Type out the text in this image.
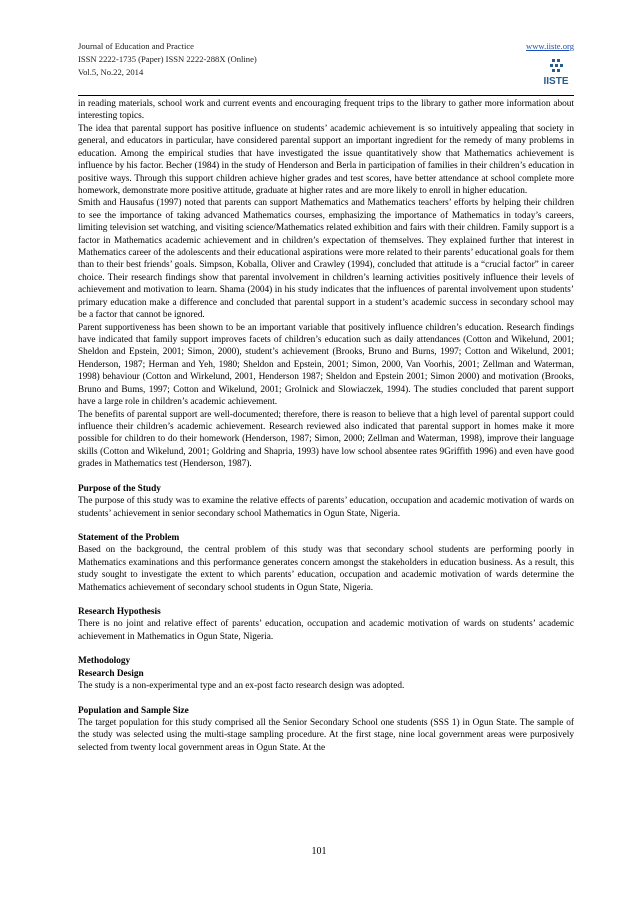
Journal of Education and Practice
ISSN 2222-1735 (Paper) ISSN 2222-288X (Online)
Vol.5, No.22, 2014
www.iiste.org
IISTE

in reading materials, school work and current events and encouraging frequent trips to the library to gather more information about interesting topics.

The idea that parental support has positive influence on students’ academic achievement is so intuitively appealing that society in general, and educators in particular, have considered parental support an important ingredient for the remedy of many problems in education. Among the empirical studies that have investigated the issue quantitatively show that Mathematics achievement is influence by his factor. Becher (1984) in the study of Henderson and Berla in participation of families in their children’s education in positive ways. Through this support children achieve higher grades and test scores, have better attendance at school complete more homework, demonstrate more positive attitude, graduate at higher rates and are more likely to enroll in higher education.

Smith and Hausafus (1997) noted that parents can support Mathematics and Mathematics teachers’ efforts by helping their children to see the importance of taking advanced Mathematics courses, emphasizing the importance of Mathematics in today’s careers, limiting television set watching, and visiting science/Mathematics related exhibition and fairs with their children. Family support is a factor in Mathematics academic achievement and in children’s expectation of themselves. They explained further that interest in Mathematics career of the adolescents and their educational aspirations were more related to their parents’ educational goals for them than to their best friends’ goals. Simpson, Koballa, Oliver and Crawley (1994), concluded that attitude is a “crucial factor” in career choice. Their research findings show that parental involvement in children’s learning activities positively influence their levels of achievement and motivation to learn. Shama (2004) in his study indicates that the influences of parental involvement upon students’ primary education make a difference and concluded that parental support in a student’s academic success in secondary school may be a factor that cannot be ignored.

Parent supportiveness has been shown to be an important variable that positively influence children’s education. Research findings have indicated that family support improves facets of children’s education such as daily attendances (Cotton and Wikelund, 2001; Sheldon and Epstein, 2001; Simon, 2000), student’s achievement (Brooks, Bruno and Burns, 1997; Cotton and Wikelund, 2001; Henderson, 1987; Herman and Yeh, 1980; Sheldon and Epstein, 2001; Simon, 2000, Van Voorhis, 2001; Zellman and Waterman, 1998) behaviour (Cotton and Wirkelund, 2001, Henderson 1987; Sheldon and Epstein 2001; Simon 2000) and motivation (Brooks, Bruno and Bums, 1997; Cotton and Wikelund, 2001; Grolnick and Slowiaczek, 1994). The studies concluded that parent support have a large role in children’s academic achievement.

The benefits of parental support are well-documented; therefore, there is reason to believe that a high level of parental support could influence their children’s academic achievement. Research reviewed also indicated that parental support in homes make it more possible for children to do their homework (Henderson, 1987; Simon, 2000; Zellman and Waterman, 1998), improve their language skills (Cotton and Wikelund, 2001; Goldring and Shapria, 1993) have low school absentee rates 9Griffith 1996) and even have good grades in Mathematics test (Henderson, 1987).

Purpose of the Study

The purpose of this study was to examine the relative effects of parents’ education, occupation and academic motivation of wards on students’ achievement in senior secondary school Mathematics in Ogun State, Nigeria.

Statement of the Problem

Based on the background, the central problem of this study was that secondary school students are performing poorly in Mathematics examinations and this performance generates concern amongst the stakeholders in education business. As a result, this study sought to investigate the extent to which parents’ education, occupation and academic motivation of wards determine the Mathematics achievement of secondary school students in Ogun State, Nigeria.

Research Hypothesis

There is no joint and relative effect of parents’ education, occupation and academic motivation of wards on students’ academic achievement in Mathematics in Ogun State, Nigeria.

Methodology

Research Design

The study is a non-experimental type and an ex-post facto research design was adopted.

Population and Sample Size

The target population for this study comprised all the Senior Secondary School one students (SSS 1) in Ogun State. The sample of the study was selected using the multi-stage sampling procedure. At the first stage, nine local government areas were purposively selected from twenty local government areas in Ogun State. At the

101
